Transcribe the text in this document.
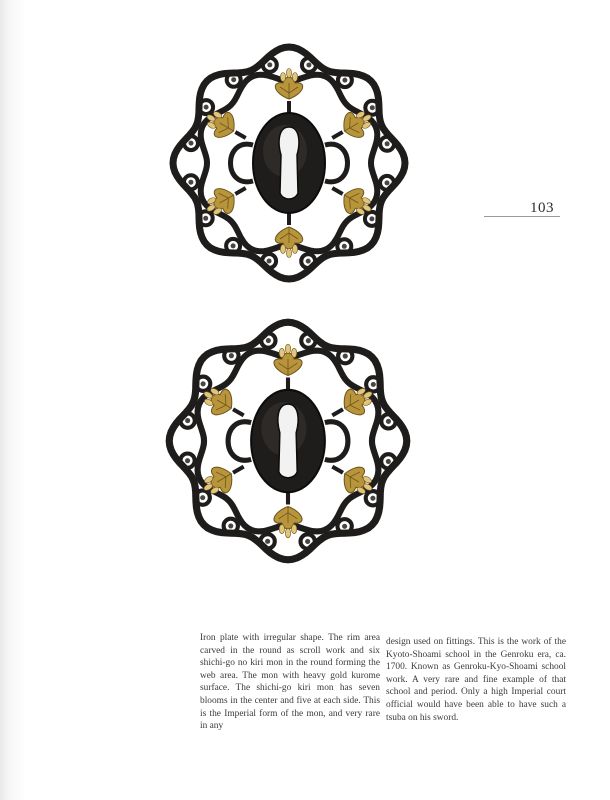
103

Iron plate with irregular shape. The rim area carved in the round as scroll work and six shichi-go no kiri mon in the round forming the web area. The mon with heavy gold kurome surface. The shichi-go kiri mon has seven blooms in the center and five at each side. This is the Imperial form of the mon, and very rare in any

design used on fittings. This is the work of the Kyoto-Shoami school in the Genroku era, ca. 1700. Known as Genroku-Kyo-Shoami school work. A very rare and fine example of that school and period. Only a high Imperial court official would have been able to have such a tsuba on his sword.
